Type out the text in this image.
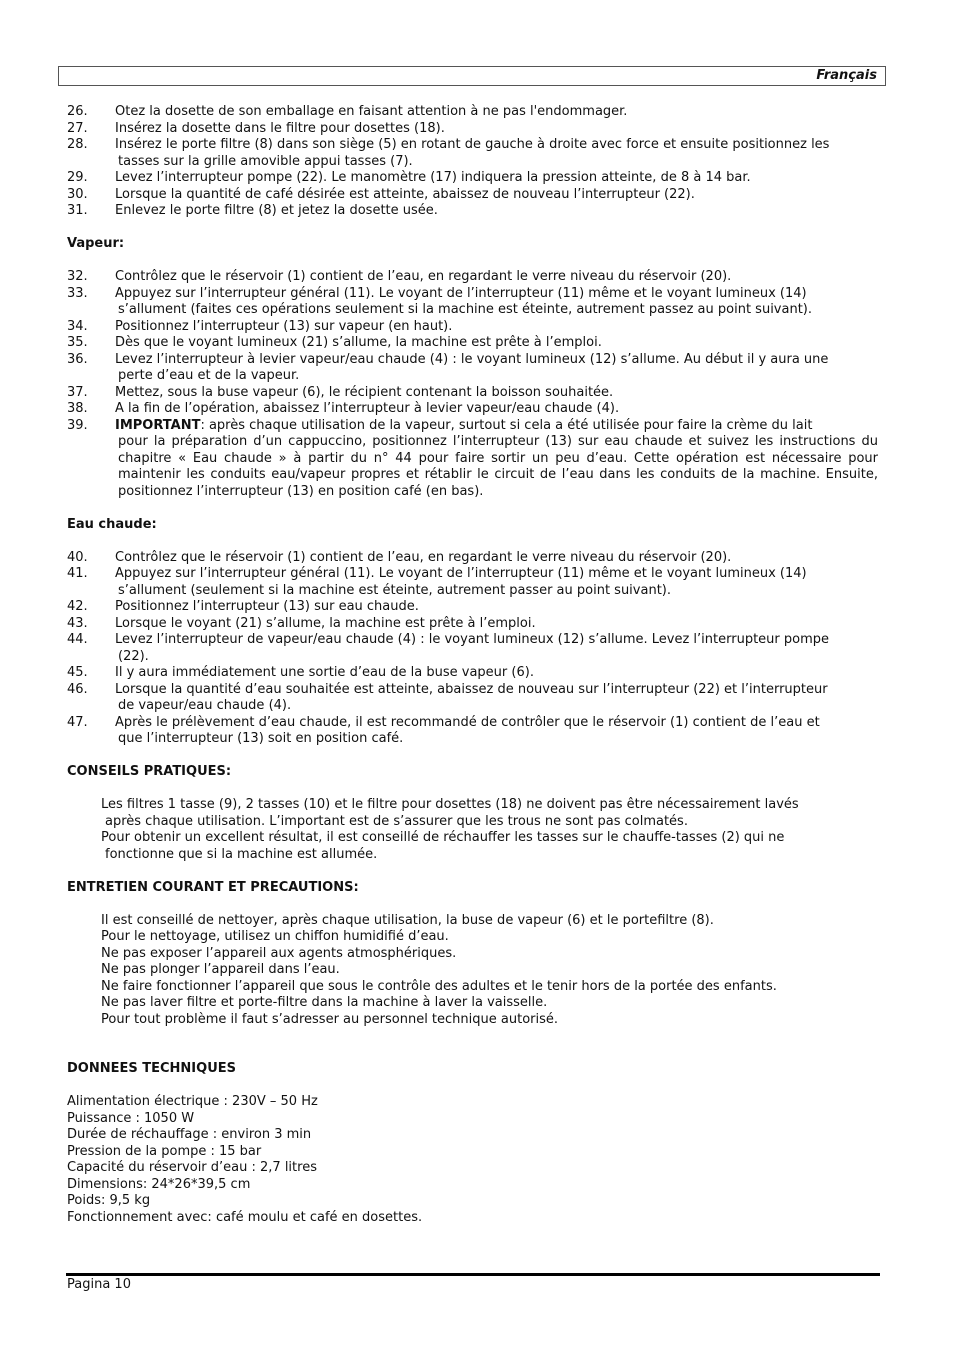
Français
26. Otez la dosette de son emballage en faisant attention à ne pas l'endommager.
27. Insérez la dosette dans le filtre pour dosettes (18).
28. Insérez le porte filtre (8) dans son siège (5) en rotant de gauche à droite avec force et ensuite positionnez les
tasses sur la grille amovible appui tasses (7).
29. Levez l’interrupteur pompe (22). Le manomètre (17) indiquera la pression atteinte, de 8 à 14 bar.
30. Lorsque la quantité de café désirée est atteinte, abaissez de nouveau l’interrupteur (22).
31. Enlevez le porte filtre (8) et jetez la dosette usée.
Vapeur:
32. Contrôlez que le réservoir (1) contient de l’eau, en regardant le verre niveau du réservoir (20).
33. Appuyez sur l’interrupteur général (11). Le voyant de l’interrupteur (11) même et le voyant lumineux (14)
s’allument (faites ces opérations seulement si la machine est éteinte, autrement passez au point suivant).
34. Positionnez l’interrupteur (13) sur vapeur (en haut).
35. Dès que le voyant lumineux (21) s’allume, la machine est prête à l’emploi.
36. Levez l’interrupteur à levier vapeur/eau chaude (4) : le voyant lumineux (12) s’allume. Au début il y aura une
perte d’eau et de la vapeur.
37. Mettez, sous la buse vapeur (6), le récipient contenant la boisson souhaitée.
38. A la fin de l’opération, abaissez l’interrupteur à levier vapeur/eau chaude (4).
39. IMPORTANT: après chaque utilisation de la vapeur, surtout si cela a été utilisée pour faire la crème du lait
pour la préparation d’un cappuccino, positionnez l’interrupteur (13) sur eau chaude et suivez les instructions du chapitre « Eau chaude » à partir du n° 44 pour faire sortir un peu d’eau. Cette opération est nécessaire pour maintenir les conduits eau/vapeur propres et rétablir le circuit de l’eau dans les conduits de la machine. Ensuite, positionnez l’interrupteur (13) en position café (en bas).
Eau chaude:
40. Contrôlez que le réservoir (1) contient de l’eau, en regardant le verre niveau du réservoir (20).
41. Appuyez sur l’interrupteur général (11). Le voyant de l’interrupteur (11) même et le voyant lumineux (14)
s’allument (seulement si la machine est éteinte, autrement passer au point suivant).
42. Positionnez l’interrupteur (13) sur eau chaude.
43. Lorsque le voyant (21) s’allume, la machine est prête à l’emploi.
44. Levez l’interrupteur de vapeur/eau chaude (4) : le voyant lumineux (12) s’allume. Levez l’interrupteur pompe
(22).
45. Il y aura immédiatement une sortie d’eau de la buse vapeur (6).
46. Lorsque la quantité d’eau souhaitée est atteinte, abaissez de nouveau sur l’interrupteur (22) et l’interrupteur
de vapeur/eau chaude (4).
47. Après le prélèvement d’eau chaude, il est recommandé de contrôler que le réservoir (1) contient de l’eau et
que l’interrupteur (13) soit en position café.
CONSEILS PRATIQUES:
Les filtres 1 tasse (9), 2 tasses (10) et le filtre pour dosettes (18) ne doivent pas être nécessairement lavés
après chaque utilisation. L’important est de s’assurer que les trous ne sont pas colmatés.
Pour obtenir un excellent résultat, il est conseillé de réchauffer les tasses sur le chauffe-tasses (2) qui ne
fonctionne que si la machine est allumée.
ENTRETIEN COURANT ET PRECAUTIONS:
Il est conseillé de nettoyer, après chaque utilisation, la buse de vapeur (6) et le portefiltre (8).
Pour le nettoyage, utilisez un chiffon humidifié d’eau.
Ne pas exposer l’appareil aux agents atmosphériques.
Ne pas plonger l’appareil dans l’eau.
Ne faire fonctionner l’appareil que sous le contrôle des adultes et le tenir hors de la portée des enfants.
Ne pas laver filtre et porte-filtre dans la machine à laver la vaisselle.
Pour tout problème il faut s’adresser au personnel technique autorisé.
DONNEES TECHNIQUES
Alimentation électrique : 230V – 50 Hz
Puissance : 1050 W
Durée de réchauffage : environ 3 min
Pression de la pompe : 15 bar
Capacité du réservoir d’eau : 2,7 litres
Dimensions: 24*26*39,5 cm
Poids: 9,5 kg
Fonctionnement avec: café moulu et café en dosettes.
Pagina 10
